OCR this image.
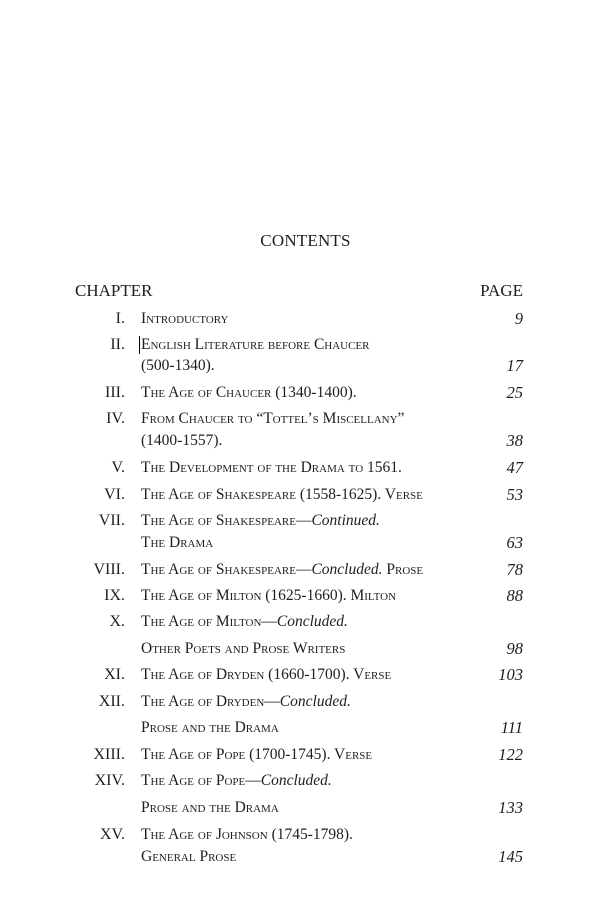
CONTENTS
CHAPTER	PAGE
I. Introductory	9
II. English Literature before Chaucer
(500-1340).	17
III. The Age of Chaucer (1340-1400).	25
IV. From Chaucer to “Tottel’s Miscellany”
(1400-1557).	38
V. The Development of the Drama to 1561.	47
VI. The Age of Shakespeare (1558-1625). Verse	53
VII. The Age of Shakespeare—Continued.
The Drama	63
VIII. The Age of Shakespeare—Concluded. Prose	78
IX. The Age of Milton (1625-1660). Milton	88
X. The Age of Milton—Concluded.
Other Poets and Prose Writers	98
XI. The Age of Dryden (1660-1700). Verse	103
XII. The Age of Dryden—Concluded.
Prose and the Drama	111
XIII. The Age of Pope (1700-1745). Verse	122
XIV. The Age of Pope—Concluded.
Prose and the Drama	133
XV. The Age of Johnson (1745-1798).
General Prose	145
